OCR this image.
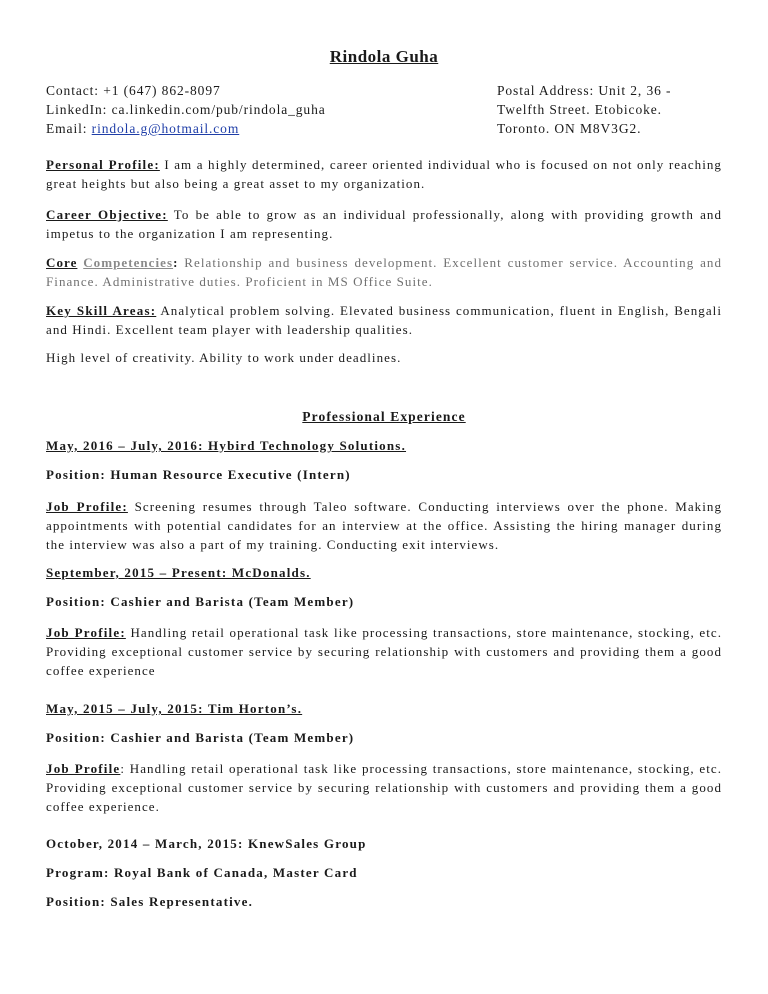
Rindola Guha
Contact: +1 (647) 862-8097
LinkedIn: ca.linkedin.com/pub/rindola_guha
Email: rindola.g@hotmail.com
Postal Address: Unit 2, 36 -
Twelfth Street. Etobicoke.
Toronto. ON M8V3G2.
Personal Profile: I am a highly determined, career oriented individual who is focused on not only reaching great heights but also being a great asset to my organization.
Career Objective: To be able to grow as an individual professionally, along with providing growth and impetus to the organization I am representing.
Core Competencies: Relationship and business development. Excellent customer service. Accounting and Finance. Administrative duties. Proficient in MS Office Suite.
Key Skill Areas: Analytical problem solving. Elevated business communication, fluent in English, Bengali and Hindi. Excellent team player with leadership qualities.
High level of creativity. Ability to work under deadlines.
Professional Experience
May, 2016 – July, 2016: Hybird Technology Solutions.
Position: Human Resource Executive (Intern)
Job Profile: Screening resumes through Taleo software. Conducting interviews over the phone. Making appointments with potential candidates for an interview at the office. Assisting the hiring manager during the interview was also a part of my training. Conducting exit interviews.
September, 2015 – Present: McDonalds.
Position: Cashier and Barista (Team Member)
Job Profile: Handling retail operational task like processing transactions, store maintenance, stocking, etc. Providing exceptional customer service by securing relationship with customers and providing them a good coffee experience
May, 2015 – July, 2015: Tim Horton’s.
Position: Cashier and Barista (Team Member)
Job Profile: Handling retail operational task like processing transactions, store maintenance, stocking, etc. Providing exceptional customer service by securing relationship with customers and providing them a good coffee experience.
October, 2014 – March, 2015: KnewSales Group
Program: Royal Bank of Canada, Master Card
Position: Sales Representative.
